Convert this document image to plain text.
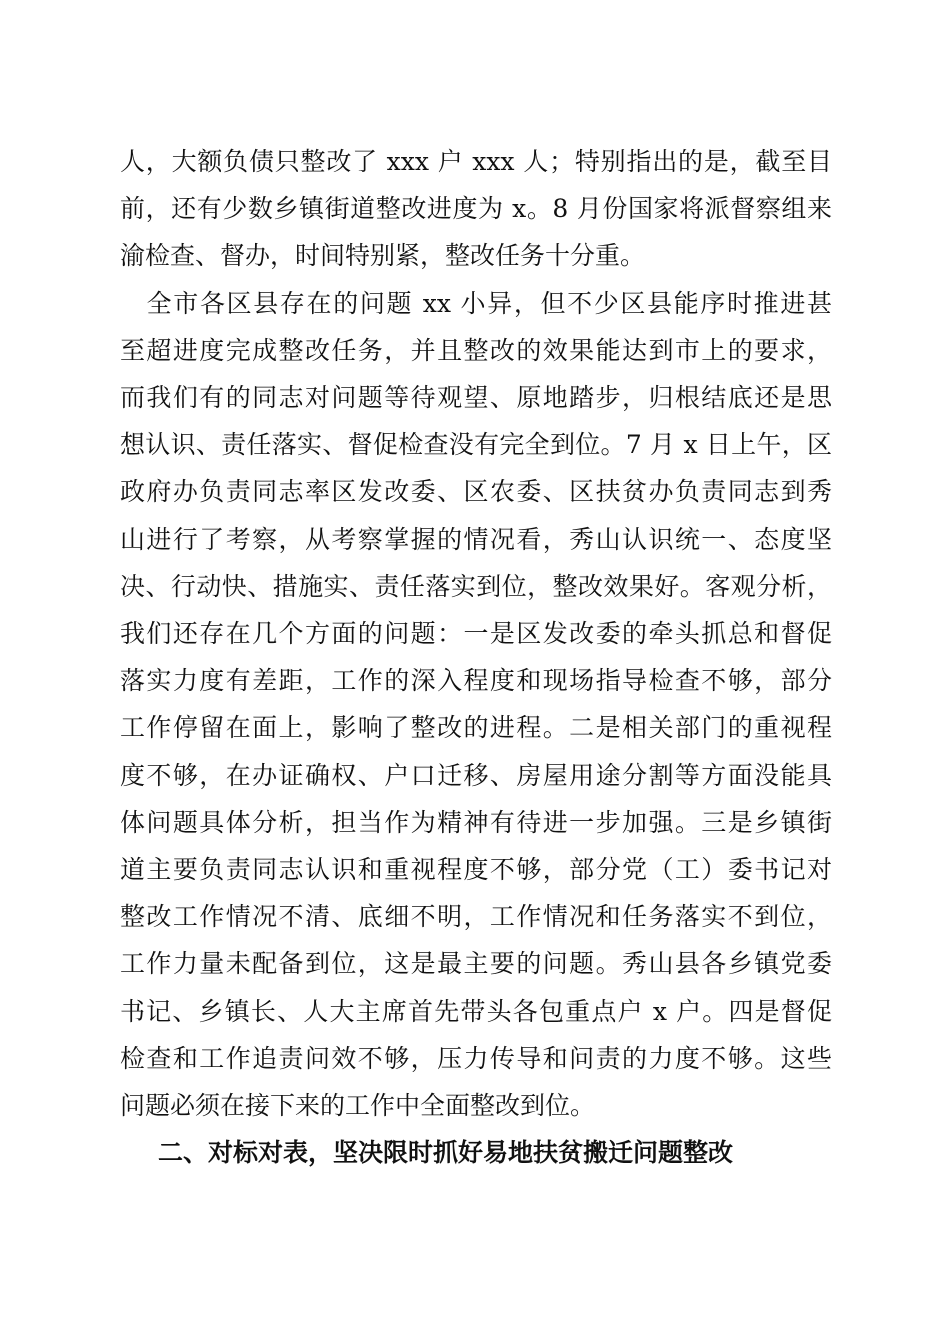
人，大额负债只整改了 xxx 户 xxx 人；特别指出的是，截至目
前，还有少数乡镇街道整改进度为 x。8 月份国家将派督察组来
渝检查、督办，时间特别紧，整改任务十分重。
　全市各区县存在的问题 xx 小异，但不少区县能序时推进甚
至超进度完成整改任务，并且整改的效果能达到市上的要求，
而我们有的同志对问题等待观望、原地踏步，归根结底还是思
想认识、责任落实、督促检查没有完全到位。7 月 x 日上午，区
政府办负责同志率区发改委、区农委、区扶贫办负责同志到秀
山进行了考察，从考察掌握的情况看，秀山认识统一、态度坚
决、行动快、措施实、责任落实到位，整改效果好。客观分析，
我们还存在几个方面的问题：一是区发改委的牵头抓总和督促
落实力度有差距，工作的深入程度和现场指导检查不够，部分
工作停留在面上，影响了整改的进程。二是相关部门的重视程
度不够，在办证确权、户口迁移、房屋用途分割等方面没能具
体问题具体分析，担当作为精神有待进一步加强。三是乡镇街
道主要负责同志认识和重视程度不够，部分党（工）委书记对
整改工作情况不清、底细不明，工作情况和任务落实不到位，
工作力量未配备到位，这是最主要的问题。秀山县各乡镇党委
书记、乡镇长、人大主席首先带头各包重点户 x 户。四是督促
检查和工作追责问效不够，压力传导和问责的力度不够。这些
问题必须在接下来的工作中全面整改到位。
二、对标对表，坚决限时抓好易地扶贫搬迁问题整改
